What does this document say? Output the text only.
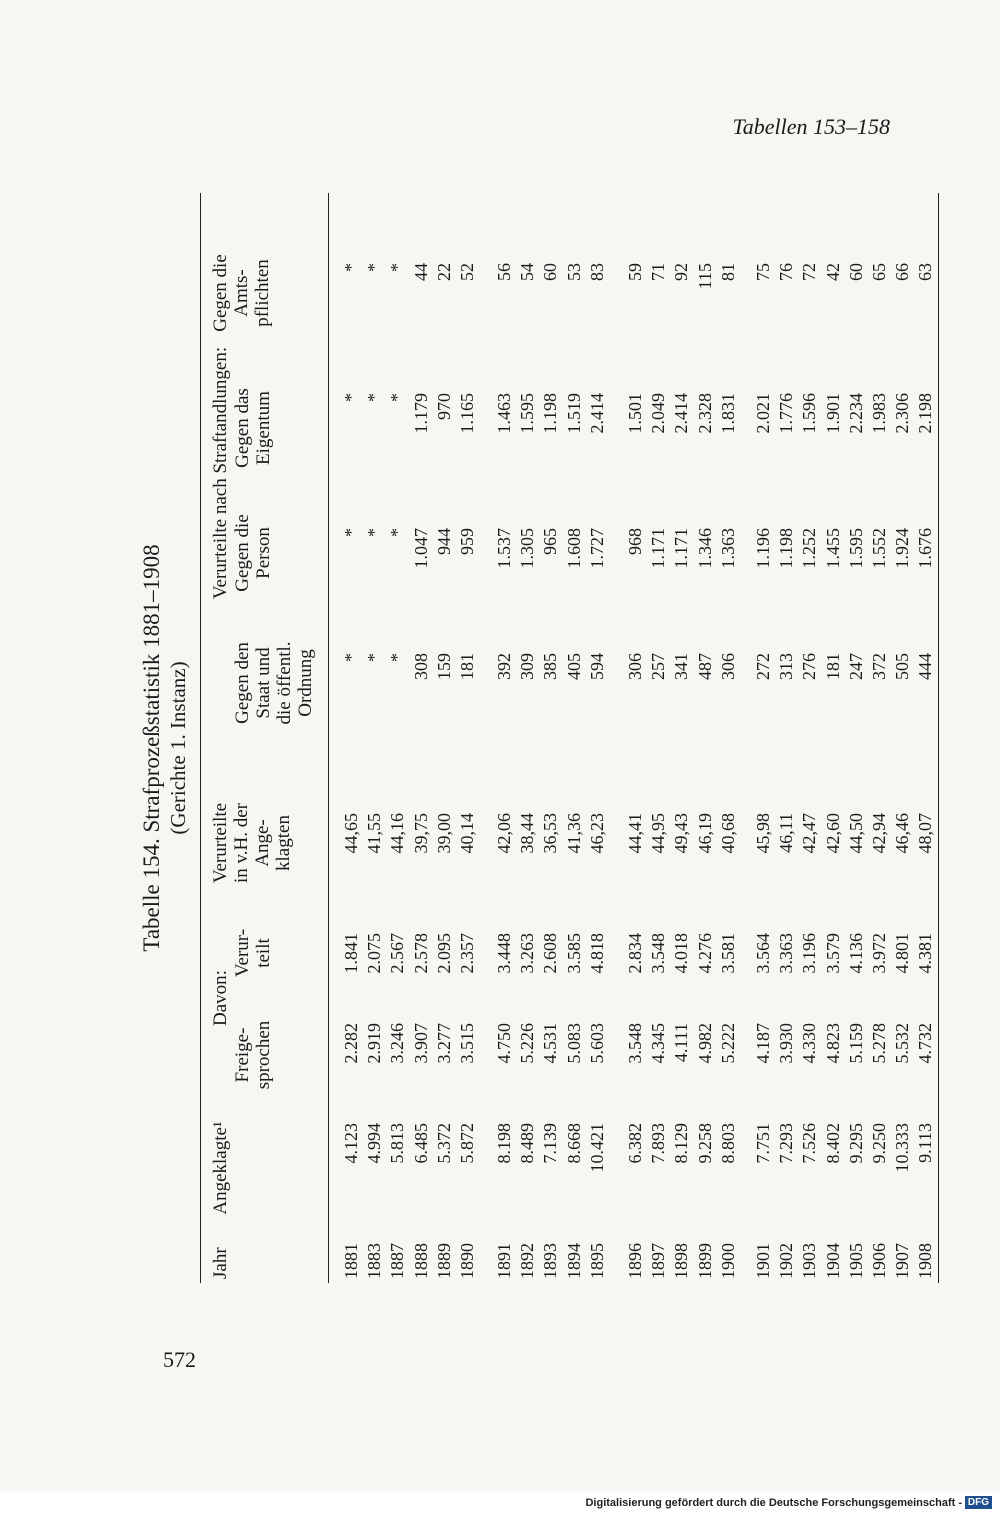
572
Tabellen 153–158
Tabelle 154. Strafprozeßstatistik 1881–1908 (Gerichte 1. Instanz)
Jahr
Angeklagte¹
Davon:
Freige-
sprochen
Verur-
teilt
Verurteilte
in v.H. der
Ange-
klagten
Verurteilte nach Straftandlungen:
Gegen den
Staat und
die öffentl.
Ordnung
Gegen die
Person
Gegen das
Eigentum
Gegen die
Amts-
pflichten
1881 1883 1887 1888 1889 1890
4.123 4.994 5.813 6.485 5.372 5.872
2.282 2.919 3.246 3.907 3.277 3.515
1.841 2.075 2.567 2.578 2.095 2.357
44,65 41,55 44,16 39,75 39,00 40,14
* * * 308 159 181
* * * 1.047 944 959
* * * 1.179 970 1.165
* * * 44 22 52
1891 1892 1893 1894 1895
8.198 8.489 7.139 8.668 10.421
4.750 5.226 4.531 5.083 5.603
3.448 3.263 2.608 3.585 4.818
42,06 38,44 36,53 41,36 46,23
392 309 385 405 594
1.537 1.305 965 1.608 1.727
1.463 1.595 1.198 1.519 2.414
56 54 60 53 83
1896 1897 1898 1899 1900
6.382 7.893 8.129 9.258 8.803
3.548 4.345 4.111 4.982 5.222
2.834 3.548 4.018 4.276 3.581
44,41 44,95 49,43 46,19 40,68
306 257 341 487 306
968 1.171 1.171 1.346 1.363
1.501 2.049 2.414 2.328 1.831
59 71 92 115 81
1901 1902 1903 1904 1905 1906 1907 1908
7.751 7.293 7.526 8.402 9.295 9.250 10.333 9.113
4.187 3.930 4.330 4.823 5.159 5.278 5.532 4.732
3.564 3.363 3.196 3.579 4.136 3.972 4.801 4.381
45,98 46,11 42,47 42,60 44,50 42,94 46,46 48,07
272 313 276 181 247 372 505 444
1.196 1.198 1.252 1.455 1.595 1.552 1.924 1.676
2.021 1.776 1.596 1.901 2.234 1.983 2.306 2.198
75 76 72 42 60 65 66 63
Digitalisierung gefördert durch die Deutsche Forschungsgemeinschaft - DFG
